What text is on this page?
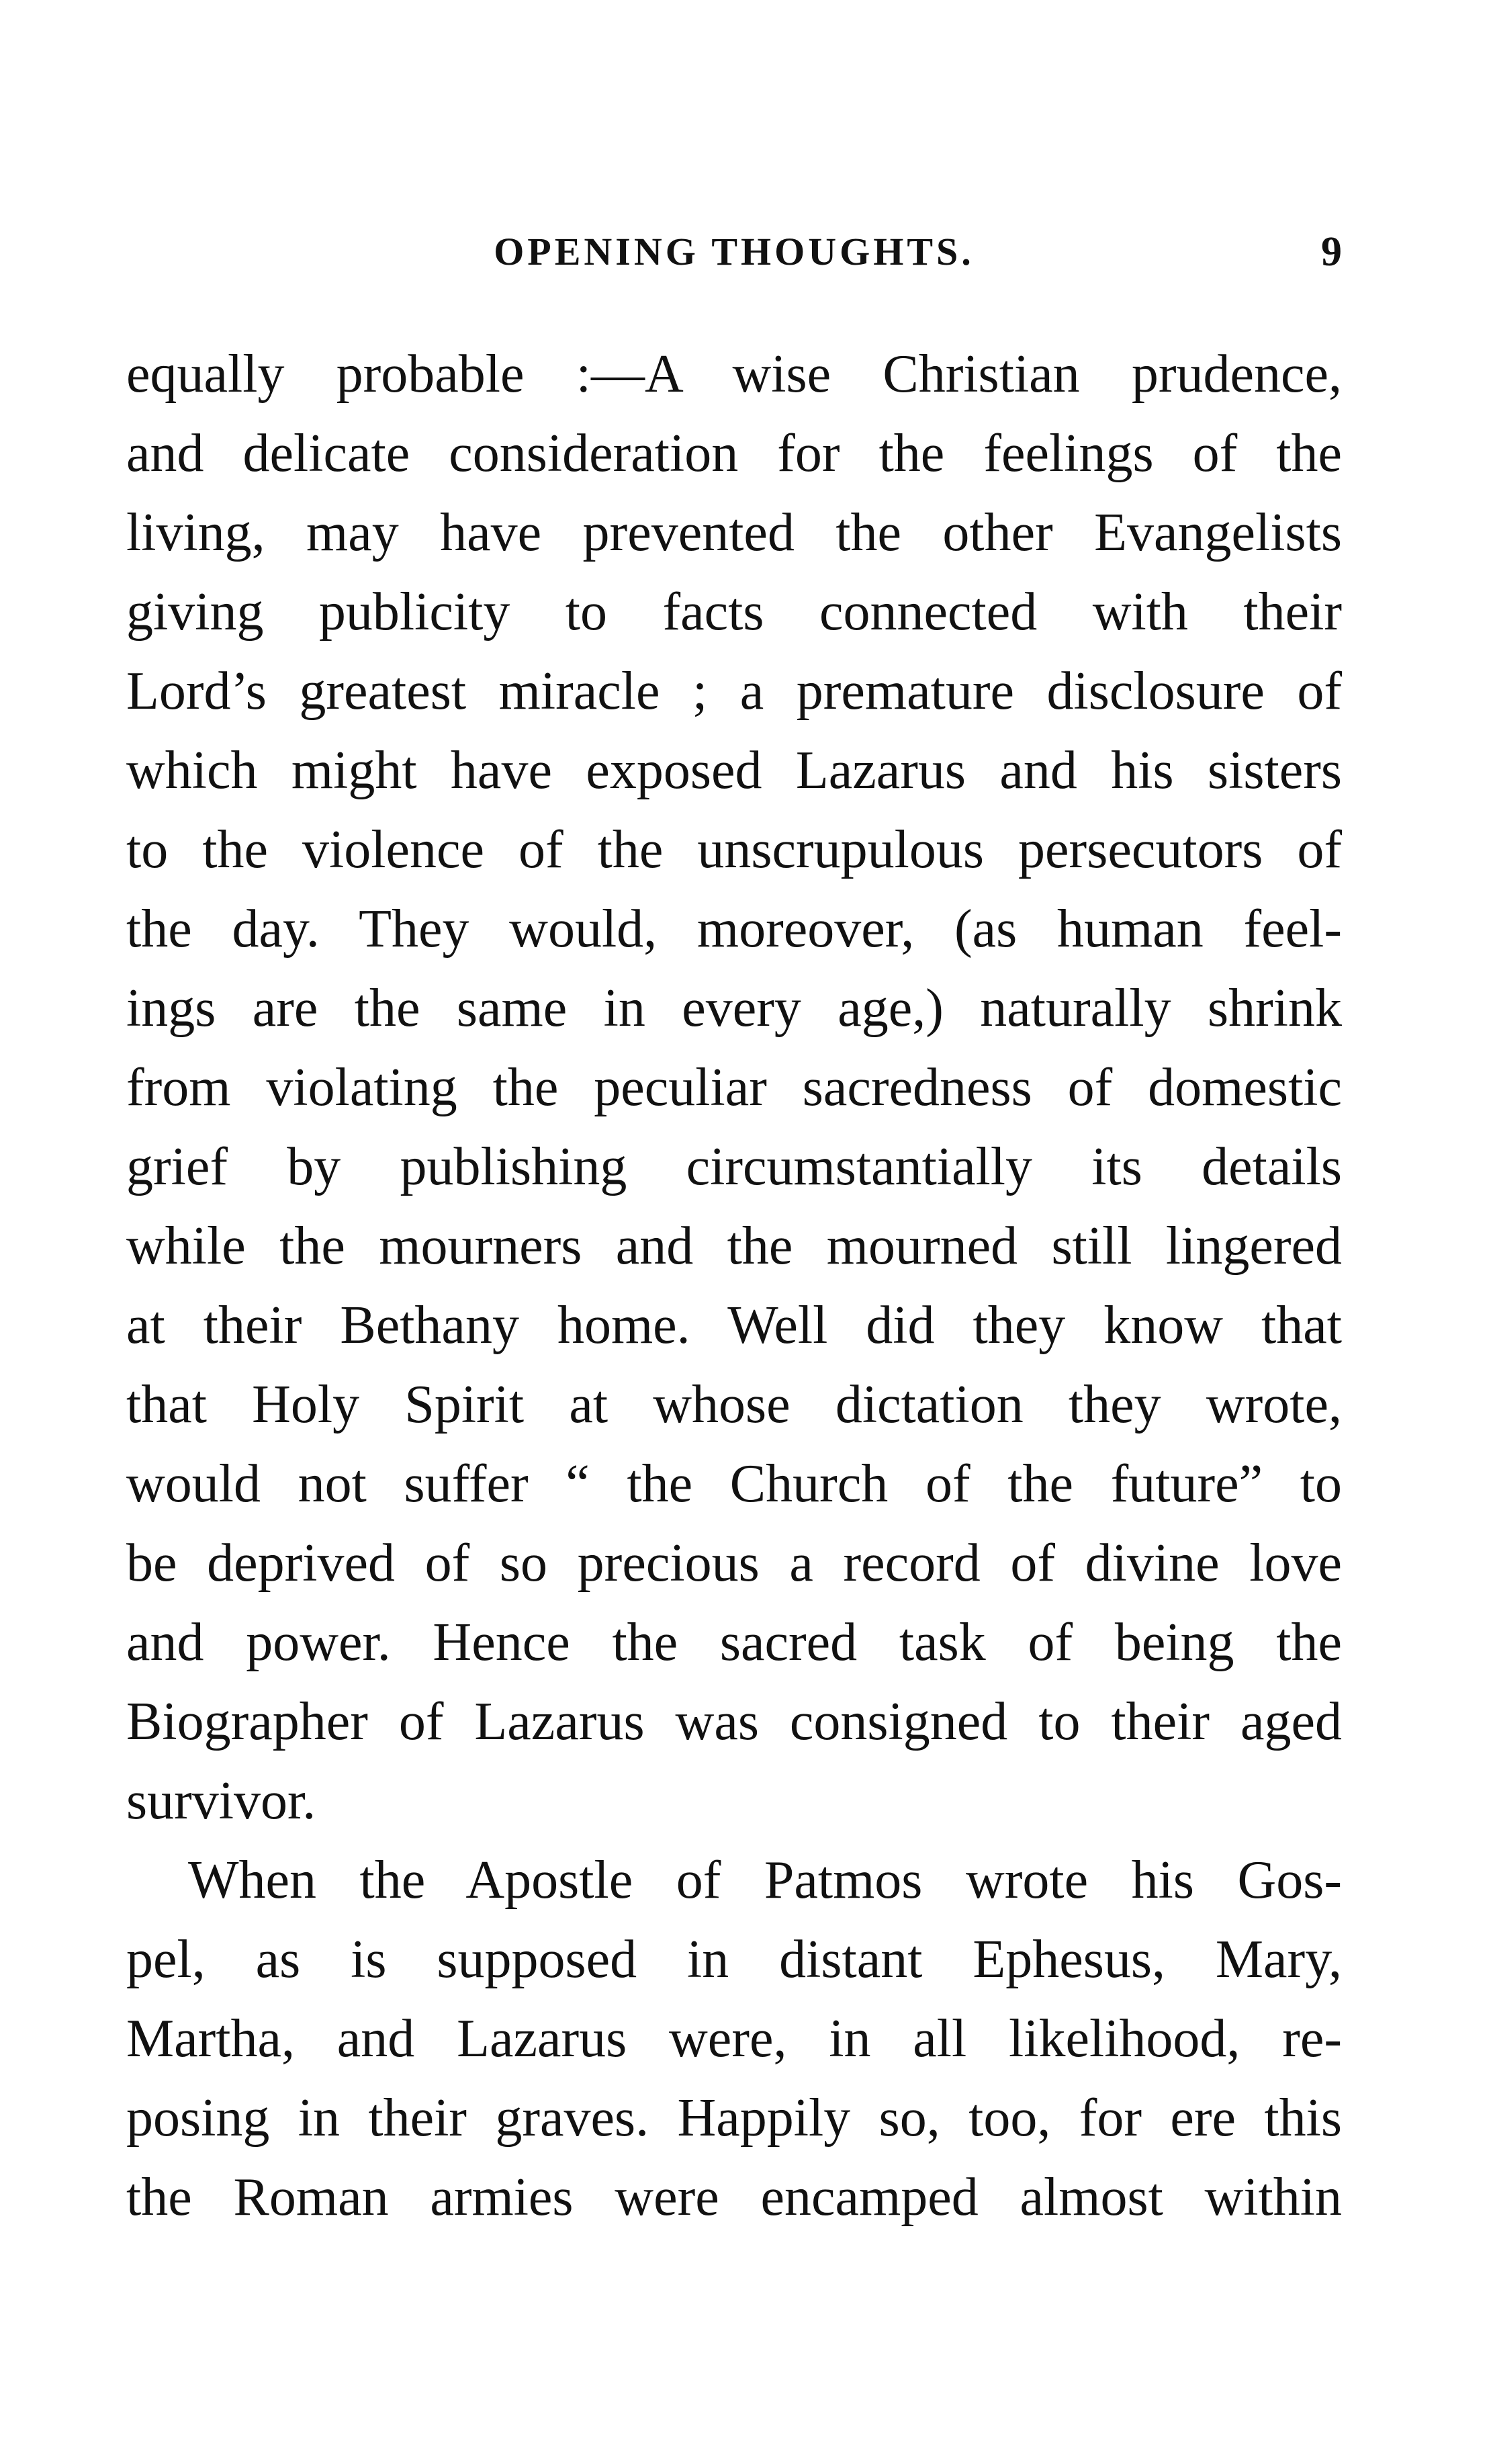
OPENING THOUGHTS.	9
equally probable :—A wise Christian prudence,
and delicate consideration for the feelings of the
living, may have prevented the other Evangelists
giving publicity to facts connected with their
Lord’s greatest miracle ; a premature disclosure of
which might have exposed Lazarus and his sisters
to the violence of the unscrupulous persecutors of
the day. They would, moreover, (as human feel-
ings are the same in every age,) naturally shrink
from violating the peculiar sacredness of domestic
grief by publishing circumstantially its details
while the mourners and the mourned still lingered
at their Bethany home. Well did they know that
that Holy Spirit at whose dictation they wrote,
would not suffer “ the Church of the future” to
be deprived of so precious a record of divine love
and power. Hence the sacred task of being the
Biographer of Lazarus was consigned to their aged
survivor.
When the Apostle of Patmos wrote his Gos-
pel, as is supposed in distant Ephesus, Mary,
Martha, and Lazarus were, in all likelihood, re-
posing in their graves. Happily so, too, for ere this
the Roman armies were encamped almost within
